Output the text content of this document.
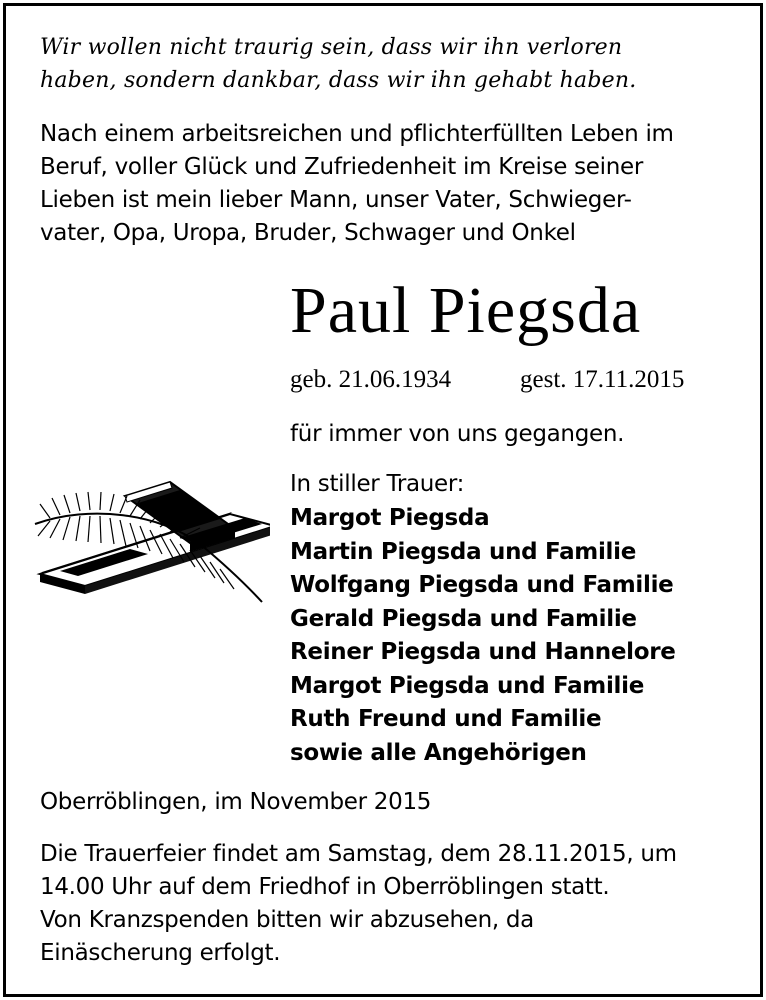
Wir wollen nicht traurig sein, dass wir ihn verloren
haben, sondern dankbar, dass wir ihn gehabt haben.
Nach einem arbeitsreichen und pflichterfüllten Leben im
Beruf, voller Glück und Zufriedenheit im Kreise seiner
Lieben ist mein lieber Mann, unser Vater, Schwieger-
vater, Opa, Uropa, Bruder, Schwager und Onkel
Paul Piegsda
geb. 21.06.1934	gest. 17.11.2015
für immer von uns gegangen.
In stiller Trauer:
Margot Piegsda
Martin Piegsda und Familie
Wolfgang Piegsda und Familie
Gerald Piegsda und Familie
Reiner Piegsda und Hannelore
Margot Piegsda und Familie
Ruth Freund und Familie
sowie alle Angehörigen
Oberröblingen, im November 2015
Die Trauerfeier findet am Samstag, dem 28.11.2015, um
14.00 Uhr auf dem Friedhof in Oberröblingen statt.
Von Kranzspenden bitten wir abzusehen, da
Einäscherung erfolgt.
